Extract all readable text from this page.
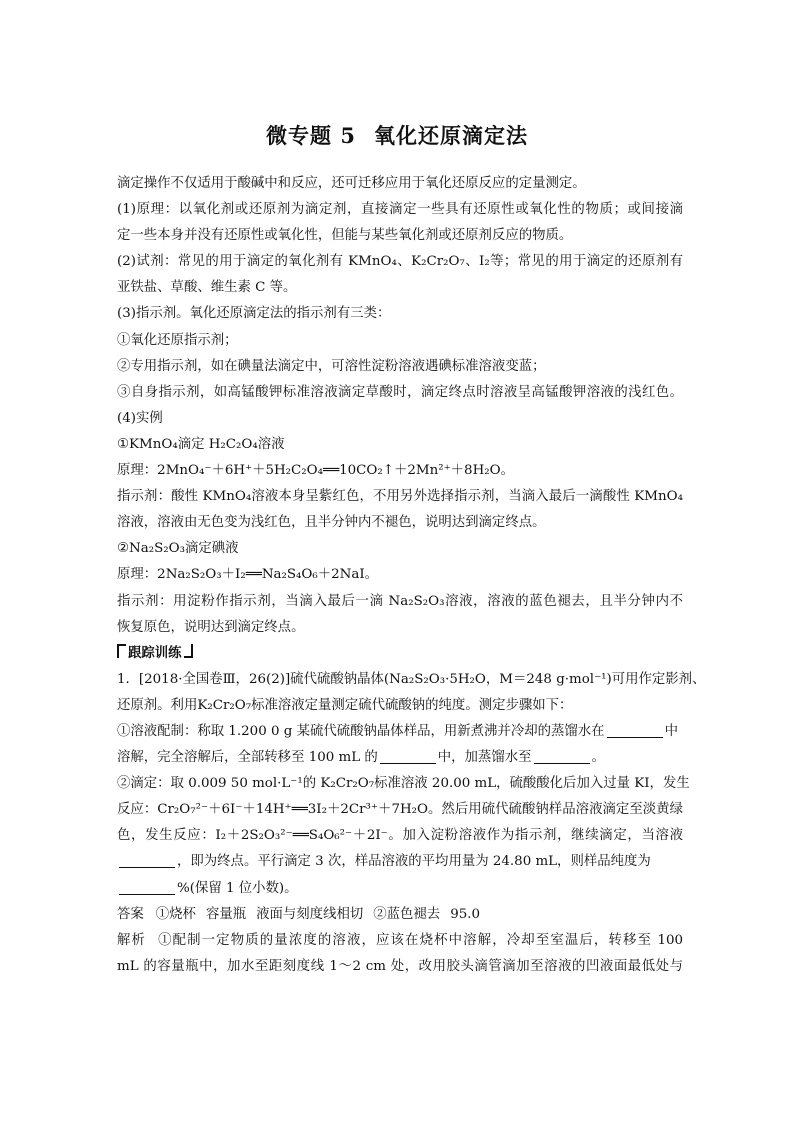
微专题 5 氧化还原滴定法
滴定操作不仅适用于酸碱中和反应，还可迁移应用于氧化还原反应的定量测定。
(1)原理：以氧化剂或还原剂为滴定剂，直接滴定一些具有还原性或氧化性的物质；或间接滴
定一些本身并没有还原性或氧化性，但能与某些氧化剂或还原剂反应的物质。
(2)试剂：常见的用于滴定的氧化剂有 KMnO₄、K₂Cr₂O₇、I₂等；常见的用于滴定的还原剂有
亚铁盐、草酸、维生素 C 等。
(3)指示剂。氧化还原滴定法的指示剂有三类：
①氧化还原指示剂；
②专用指示剂，如在碘量法滴定中，可溶性淀粉溶液遇碘标准溶液变蓝；
③自身指示剂，如高锰酸钾标准溶液滴定草酸时，滴定终点时溶液呈高锰酸钾溶液的浅红色。
(4)实例
①KMnO₄滴定 H₂C₂O₄溶液
原理：2MnO₄⁻＋6H⁺＋5H₂C₂O₄══10CO₂↑＋2Mn²⁺＋8H₂O。
指示剂：酸性 KMnO₄溶液本身呈紫红色，不用另外选择指示剂，当滴入最后一滴酸性 KMnO₄
溶液，溶液由无色变为浅红色，且半分钟内不褪色，说明达到滴定终点。
②Na₂S₂O₃滴定碘液
原理：2Na₂S₂O₃＋I₂══Na₂S₄O₆＋2NaI。
指示剂：用淀粉作指示剂，当滴入最后一滴 Na₂S₂O₃溶液，溶液的蓝色褪去，且半分钟内不
恢复原色，说明达到滴定终点。
跟踪训练
1．[2018·全国卷Ⅲ，26(2)]硫代硫酸钠晶体(Na₂S₂O₃·5H₂O，M＝248 g·mol⁻¹)可用作定影剂、
还原剂。利用K₂Cr₂O₇标准溶液定量测定硫代硫酸钠的纯度。测定步骤如下：
①溶液配制：称取 1.200 0 g 某硫代硫酸钠晶体样品，用新煮沸并冷却的蒸馏水在	中
溶解，完全溶解后，全部转移至 100 mL 的	中，加蒸馏水至	。
②滴定：取 0.009 50 mol·L⁻¹的 K₂Cr₂O₇标准溶液 20.00 mL，硫酸酸化后加入过量 KI，发生
反应：Cr₂O₇²⁻＋6I⁻＋14H⁺══3I₂＋2Cr³⁺＋7H₂O。然后用硫代硫酸钠样品溶液滴定至淡黄绿
色，发生反应：I₂＋2S₂O₃²⁻══S₄O₆²⁻＋2I⁻。加入淀粉溶液作为指示剂，继续滴定，当溶液
，即为终点。平行滴定 3 次，样品溶液的平均用量为 24.80 mL，则样品纯度为
%(保留 1 位小数)。
答案 ①烧杯 容量瓶 液面与刻度线相切 ②蓝色褪去 95.0
解析 ①配制一定物质的量浓度的溶液，应该在烧杯中溶解，冷却至室温后，转移至 100
mL 的容量瓶中，加水至距刻度线 1～2 cm 处，改用胶头滴管滴加至溶液的凹液面最低处与
